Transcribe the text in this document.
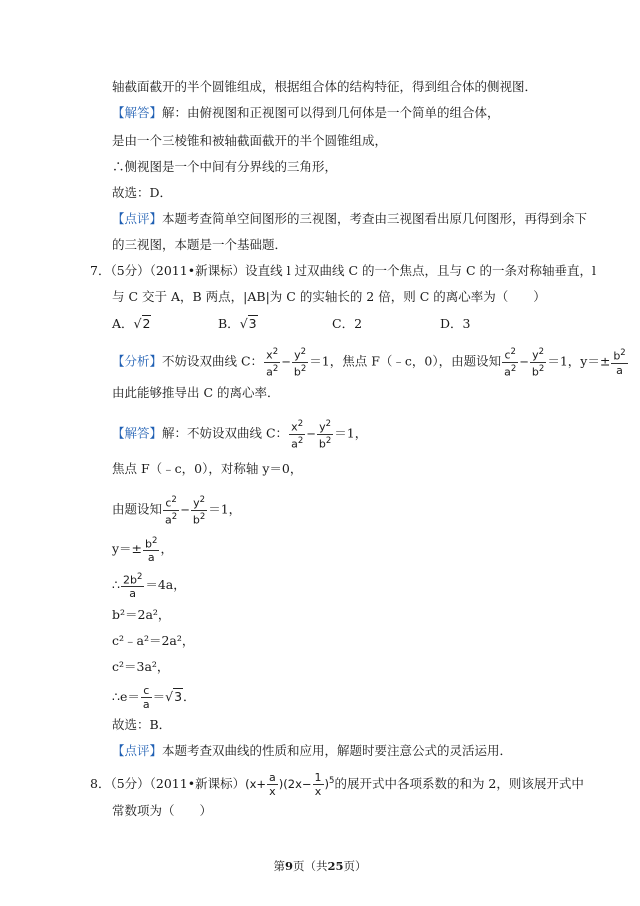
轴截面截开的半个圆锥组成，根据组合体的结构特征，得到组合体的侧视图．
【解答】解：由俯视图和正视图可以得到几何体是一个简单的组合体，
是由一个三棱锥和被轴截面截开的半个圆锥组成，
∴侧视图是一个中间有分界线的三角形，
故选：D．
【点评】本题考查简单空间图形的三视图，考查由三视图看出原几何图形，再得到余下
的三视图，本题是一个基础题．
7．（5分）（2011•新课标）设直线 l 过双曲线 C 的一个焦点，且与 C 的一条对称轴垂直，l
与 C 交于 A，B 两点，|AB|为 C 的实轴长的 2 倍，则 C 的离心率为（　　）
A．√2	B．√3	C．2	D．3
【分析】不妨设双曲线 C： $\frac{x^2}{a^2} - \frac{y^2}{b^2} =1$，焦点 F（﹣c，0），由题设知 $\frac{c^2}{a^2} - \frac{y^2}{b^2} =1$，$y=\pm \frac{b^2}{a}$
由此能够推导出 C 的离心率．
【解答】解：不妨设双曲线 C： $\frac{x^2}{a^2} - \frac{y^2}{b^2} =1$，
焦点 F（﹣c，0），对称轴 y＝0，
由题设知 $\frac{c^2}{a^2} - \frac{y^2}{b^2} =1$，
$y=\pm \frac{b^2}{a}$ ，
∴ $\frac{2b^2}{a} =4a$，
b²＝2a²，
c²﹣a²＝2a²，
c²＝3a²，
∴e＝ $\frac{c}{a} =√3$．
故选：B．
【点评】本题考查双曲线的性质和应用，解题时要注意公式的灵活运用．
8．（5分）（2011•新课标）$(x+ \frac{a}{x} )(2x- \frac{1}{x} )^5$的展开式中各项系数的和为 2，则该展开式中
常数项为（　　）
第9页（共25页）
